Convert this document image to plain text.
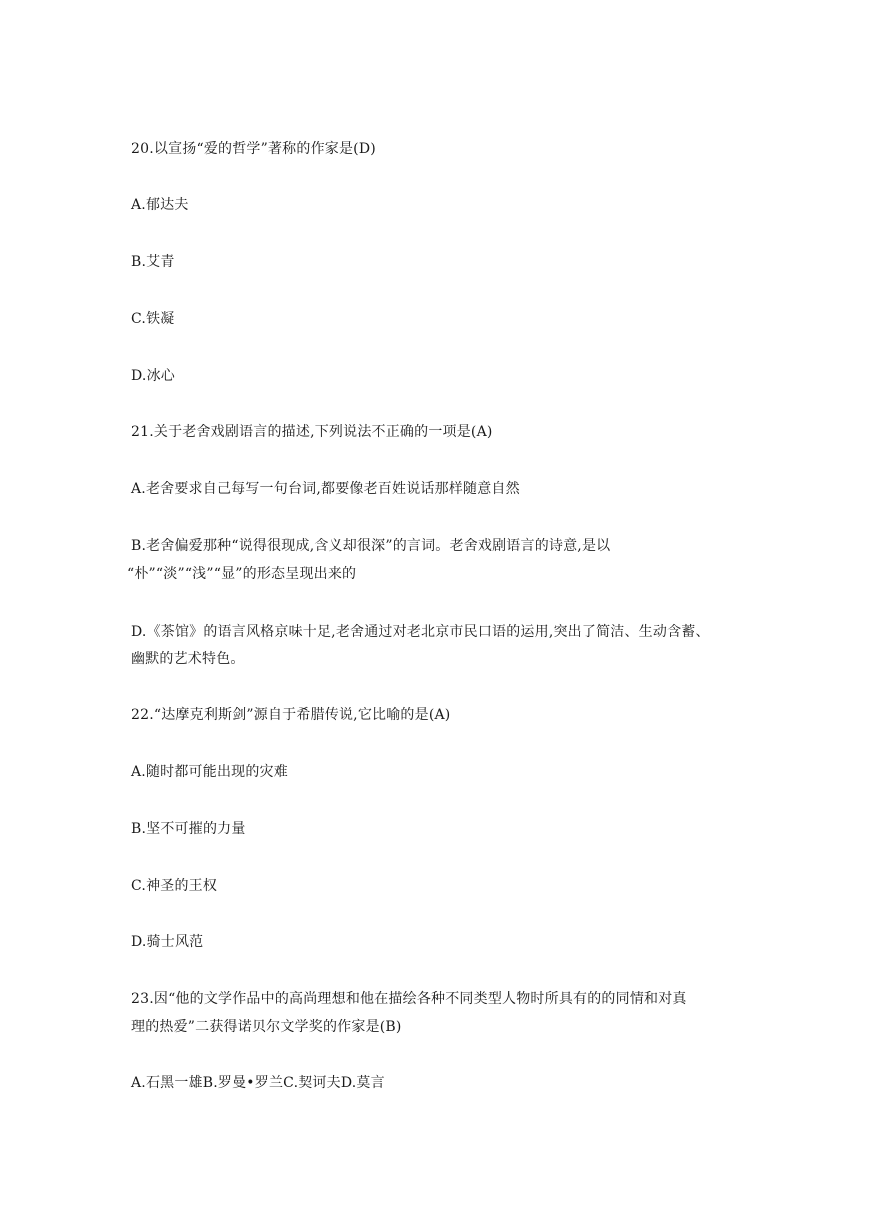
20.以宣扬“爱的哲学”著称的作家是(D)
A.郁达夫
B.艾青
C.铁凝
D.冰心
21.关于老舍戏剧语言的描述,下列说法不正确的一项是(A)
A.老舍要求自己每写一句台词,都要像老百姓说话那样随意自然
B.老舍偏爱那种“说得很现成,含义却很深”的言词。老舍戏剧语言的诗意,是以
“朴”“淡”“浅”“显”的形态呈现出来的
D.《茶馆》的语言风格京味十足,老舍通过对老北京市民口语的运用,突出了简洁、生动含蓄、
幽默的艺术特色。
22.“达摩克利斯剑”源自于希腊传说,它比喻的是(A)
A.随时都可能出现的灾难
B.坚不可摧的力量
C.神圣的王权
D.骑士风范
23.因“他的文学作品中的高尚理想和他在描绘各种不同类型人物时所具有的的同情和对真
理的热爱”二获得诺贝尔文学奖的作家是(B)
A.石黑一雄B.罗曼•罗兰C.契诃夫D.莫言
